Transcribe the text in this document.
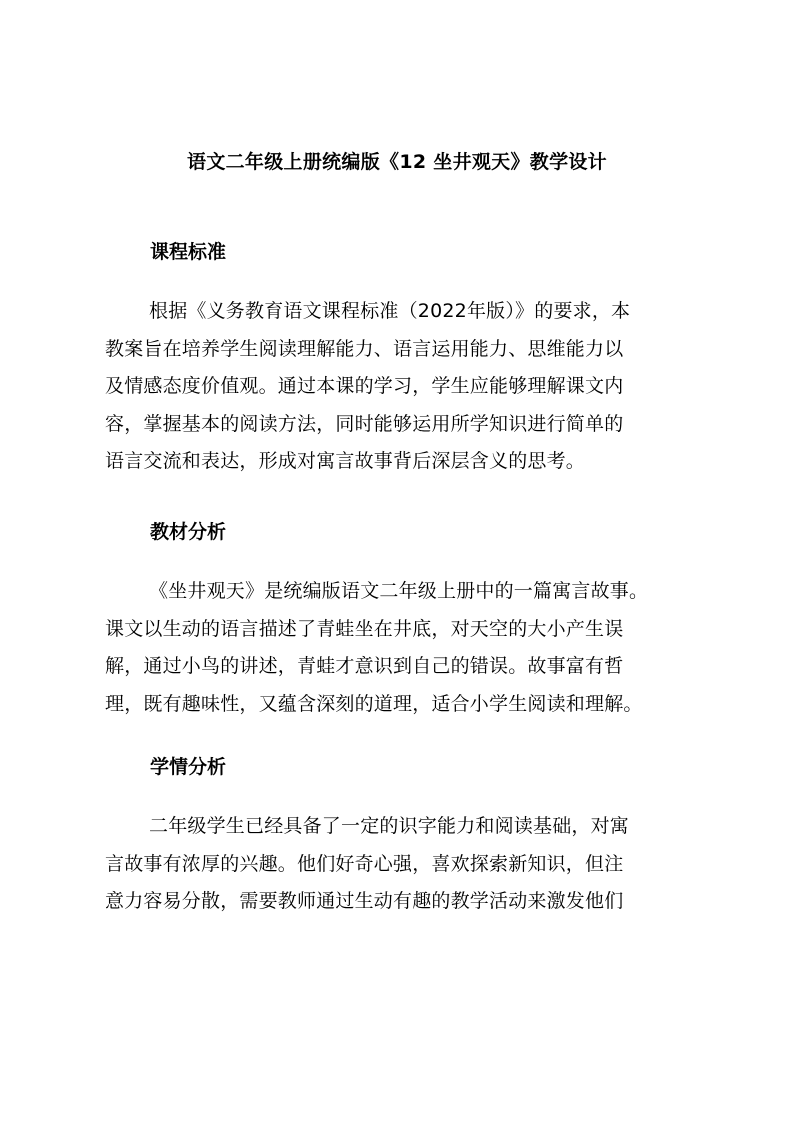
语文二年级上册统编版《12 坐井观天》教学设计
课程标准
根据《义务教育语文课程标准（2022年版）》的要求，本
教案旨在培养学生阅读理解能力、语言运用能力、思维能力以
及情感态度价值观。通过本课的学习，学生应能够理解课文内
容，掌握基本的阅读方法，同时能够运用所学知识进行简单的
语言交流和表达，形成对寓言故事背后深层含义的思考。
教材分析
《坐井观天》是统编版语文二年级上册中的一篇寓言故事。
课文以生动的语言描述了青蛙坐在井底，对天空的大小产生误
解，通过小鸟的讲述，青蛙才意识到自己的错误。故事富有哲
理，既有趣味性，又蕴含深刻的道理，适合小学生阅读和理解。
学情分析
二年级学生已经具备了一定的识字能力和阅读基础，对寓
言故事有浓厚的兴趣。他们好奇心强，喜欢探索新知识，但注
意力容易分散，需要教师通过生动有趣的教学活动来激发他们
